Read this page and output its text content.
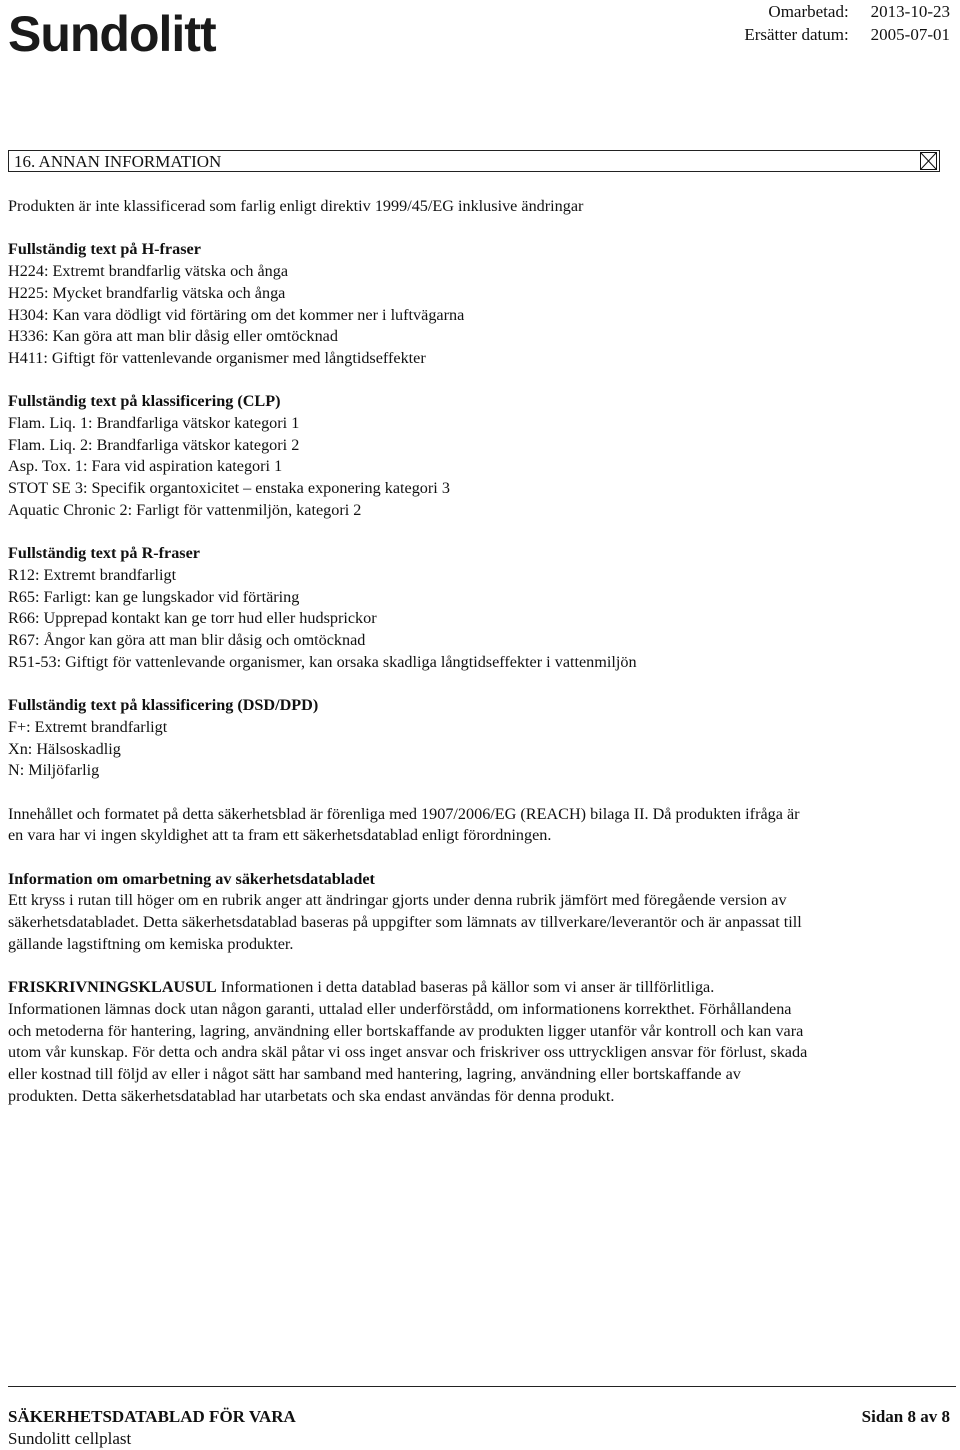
Sundolitt	Omarbetad: 2013-10-23
Ersätter datum: 2005-07-01
16. ANNAN INFORMATION

Produkten är inte klassificerad som farlig enligt direktiv 1999/45/EG inklusive ändringar

Fullständig text på H-fraser

H224: Extremt brandfarlig vätska och ånga

H225: Mycket brandfarlig vätska och ånga

H304: Kan vara dödligt vid förtäring om det kommer ner i luftvägarna

H336: Kan göra att man blir dåsig eller omtöcknad

H411: Giftigt för vattenlevande organismer med långtidseffekter

Fullständig text på klassificering (CLP)

Flam. Liq. 1: Brandfarliga vätskor kategori 1

Flam. Liq. 2: Brandfarliga vätskor kategori 2

Asp. Tox. 1: Fara vid aspiration kategori 1

STOT SE 3: Specifik organtoxicitet – enstaka exponering kategori 3

Aquatic Chronic 2: Farligt för vattenmiljön, kategori 2

Fullständig text på R-fraser

R12: Extremt brandfarligt

R65: Farligt: kan ge lungskador vid förtäring

R66: Upprepad kontakt kan ge torr hud eller hudsprickor

R67: Ångor kan göra att man blir dåsig och omtöcknad

R51-53: Giftigt för vattenlevande organismer, kan orsaka skadliga långtidseffekter i vattenmiljön

Fullständig text på klassificering (DSD/DPD)

F+: Extremt brandfarligt

Xn: Hälsoskadlig

N: Miljöfarlig

Innehållet och formatet på detta säkerhetsblad är förenliga med 1907/2006/EG (REACH) bilaga II. Då produkten ifråga är

en vara har vi ingen skyldighet att ta fram ett säkerhetsdatablad enligt förordningen.

Information om omarbetning av säkerhetsdatabladet

Ett kryss i rutan till höger om en rubrik anger att ändringar gjorts under denna rubrik jämfört med föregående version av

säkerhetsdatabladet. Detta säkerhetsdatablad baseras på uppgifter som lämnats av tillverkare/leverantör och är anpassat till

gällande lagstiftning om kemiska produkter.

FRISKRIVNINGSKLAUSUL Informationen i detta datablad baseras på källor som vi anser är tillförlitliga.

Informationen lämnas dock utan någon garanti, uttalad eller underförstådd, om informationens korrekthet. Förhållandena

och metoderna för hantering, lagring, användning eller bortskaffande av produkten ligger utanför vår kontroll och kan vara

utom vår kunskap. För detta och andra skäl påtar vi oss inget ansvar och friskriver oss uttryckligen ansvar för förlust, skada

eller kostnad till följd av eller i något sätt har samband med hantering, lagring, användning eller bortskaffande av

produkten. Detta säkerhetsdatablad har utarbetats och ska endast användas för denna produkt.

SÄKERHETSDATABLAD FÖR VARA
Sundolitt cellplast
Sidan 8 av 8
